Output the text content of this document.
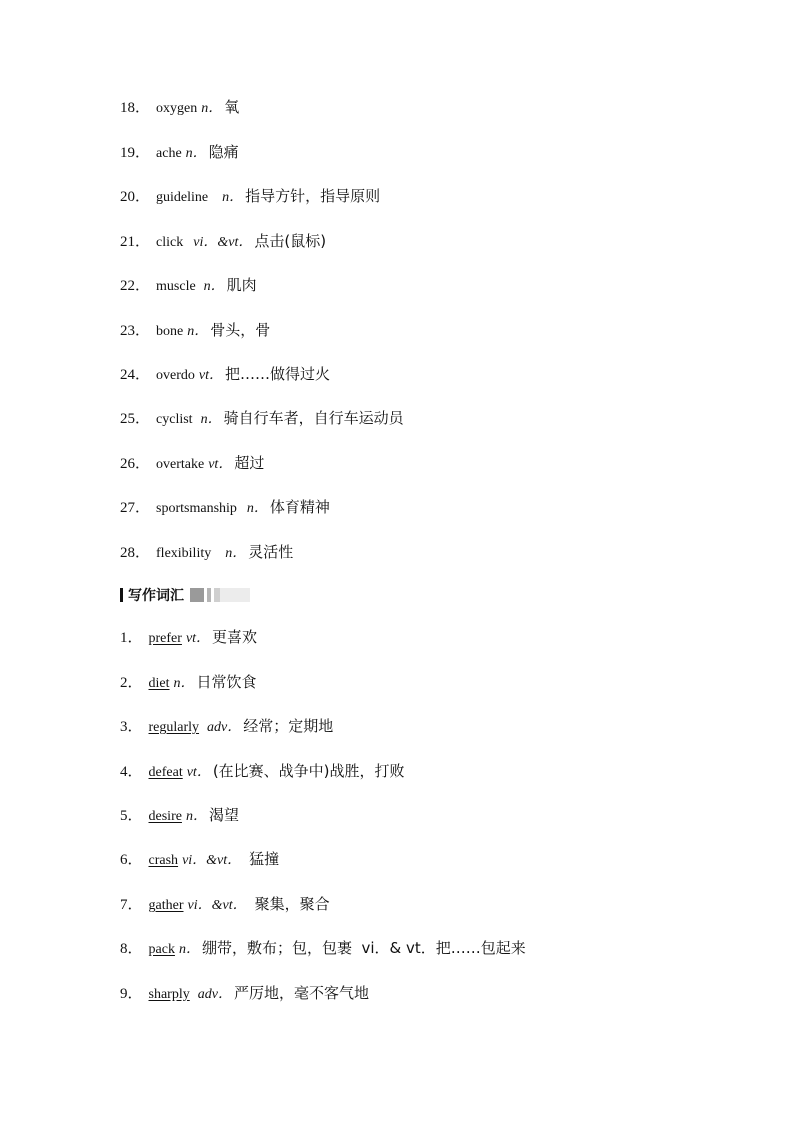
18． oxygen n． 氧
19． ache n． 隐痛
20． guideline n． 指导方针，指导原则
21． click vi．&vt． 点击(鼠标)
22． muscle n． 肌肉
23． bone n． 骨头，骨
24． overdo vt． 把……做得过火
25． cyclist n． 骑自行车者，自行车运动员
26． overtake vt． 超过
27． sportsmanship n． 体育精神
28． flexibility n． 灵活性
写作词汇
1． prefer vt． 更喜欢
2． diet n． 日常饮食
3． regularly adv． 经常；定期地
4． defeat vt． (在比赛、战争中)战胜，打败
5． desire n． 渴望
6． crash vi．&vt． 猛撞
7． gather vi．&vt． 聚集，聚合
8． pack n． 绷带，敷布；包，包裹  vi．& vt．把……包起来
9． sharply adv． 严厉地，毫不客气地
